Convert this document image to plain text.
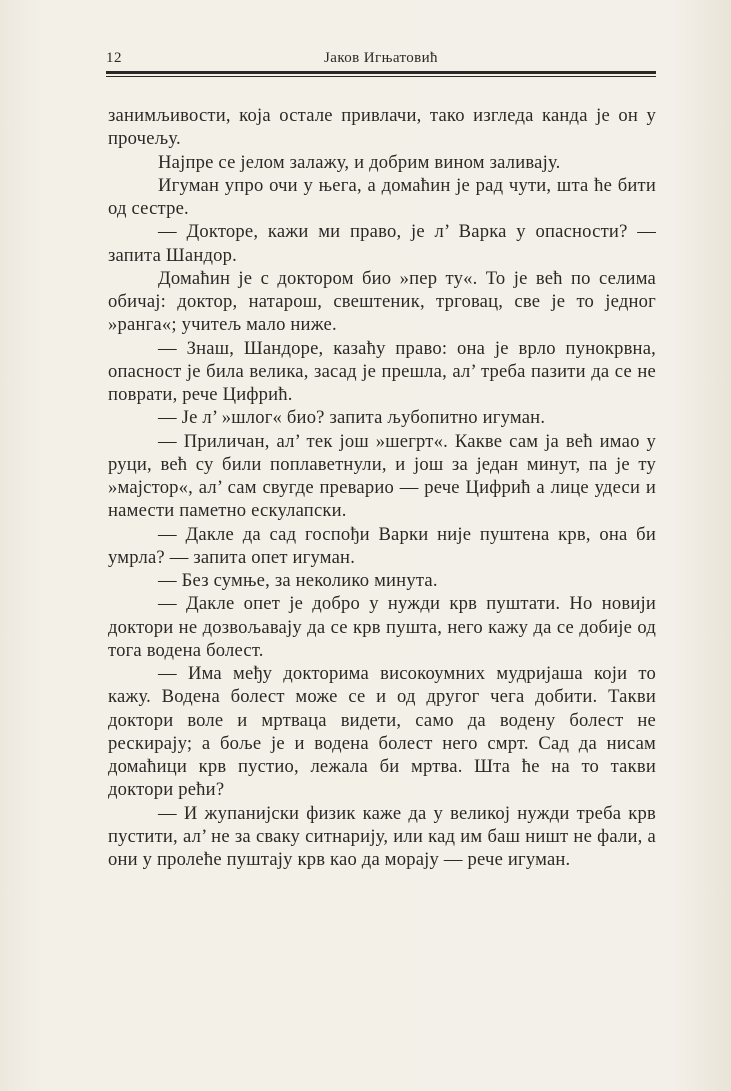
12	Јаков Игњатовић

занимљивости, која остале привлачи, тако изгледа канда је он у прочељу.

Најпре се јелом залажу, и добрим вином заливају.

Игуман упро очи у њега, а домаћин је рад чути, шта ће бити од сестре.

— Докторе, кажи ми право, је л’ Варка у опасности? — запита Шандор.

Домаћин је с доктором био »пер ту«. То је већ по селима обичај: доктор, натарош, свештеник, трговац, све је то једног »ранга«; учитељ мало ниже.

— Знаш, Шандоре, казаћу право: она је врло пунокрвна, опасност је била велика, засад је прешла, ал’ треба пазити да се не поврати, рече Цифрић.

— Је л’ »шлог« био? запита љубопитно игуман.

— Приличан, ал’ тек још »шегрт«. Какве сам ја већ имао у руци, већ су били поплаветнули, и још за један минут, па је ту »мајстор«, ал’ сам свугде преварио — рече Цифрић а лице удеси и намести паметно ескулапски.

— Дакле да сад госпођи Варки није пуштена крв, она би умрла? — запита опет игуман.

— Без сумње, за неколико минута.

— Дакле опет је добро у нужди крв пуштати. Но новији доктори не дозвољавају да се крв пушта, него кажу да се добије од тога водена болест.

— Има међу докторима високоумних мудријаша који то кажу. Водена болест може се и од другог чега добити. Такви доктори воле и мртваца видети, само да водену болест не рескирају; а боље је и водена болест него смрт. Сад да нисам домаћици крв пустио, лежала би мртва. Шта ће на то такви доктори рећи?

— И жупанијски физик каже да у великој нужди треба крв пустити, ал’ не за сваку ситнарију, или кад им баш ништ не фали, а они у пролеће пуштају крв као да морају — рече игуман.
